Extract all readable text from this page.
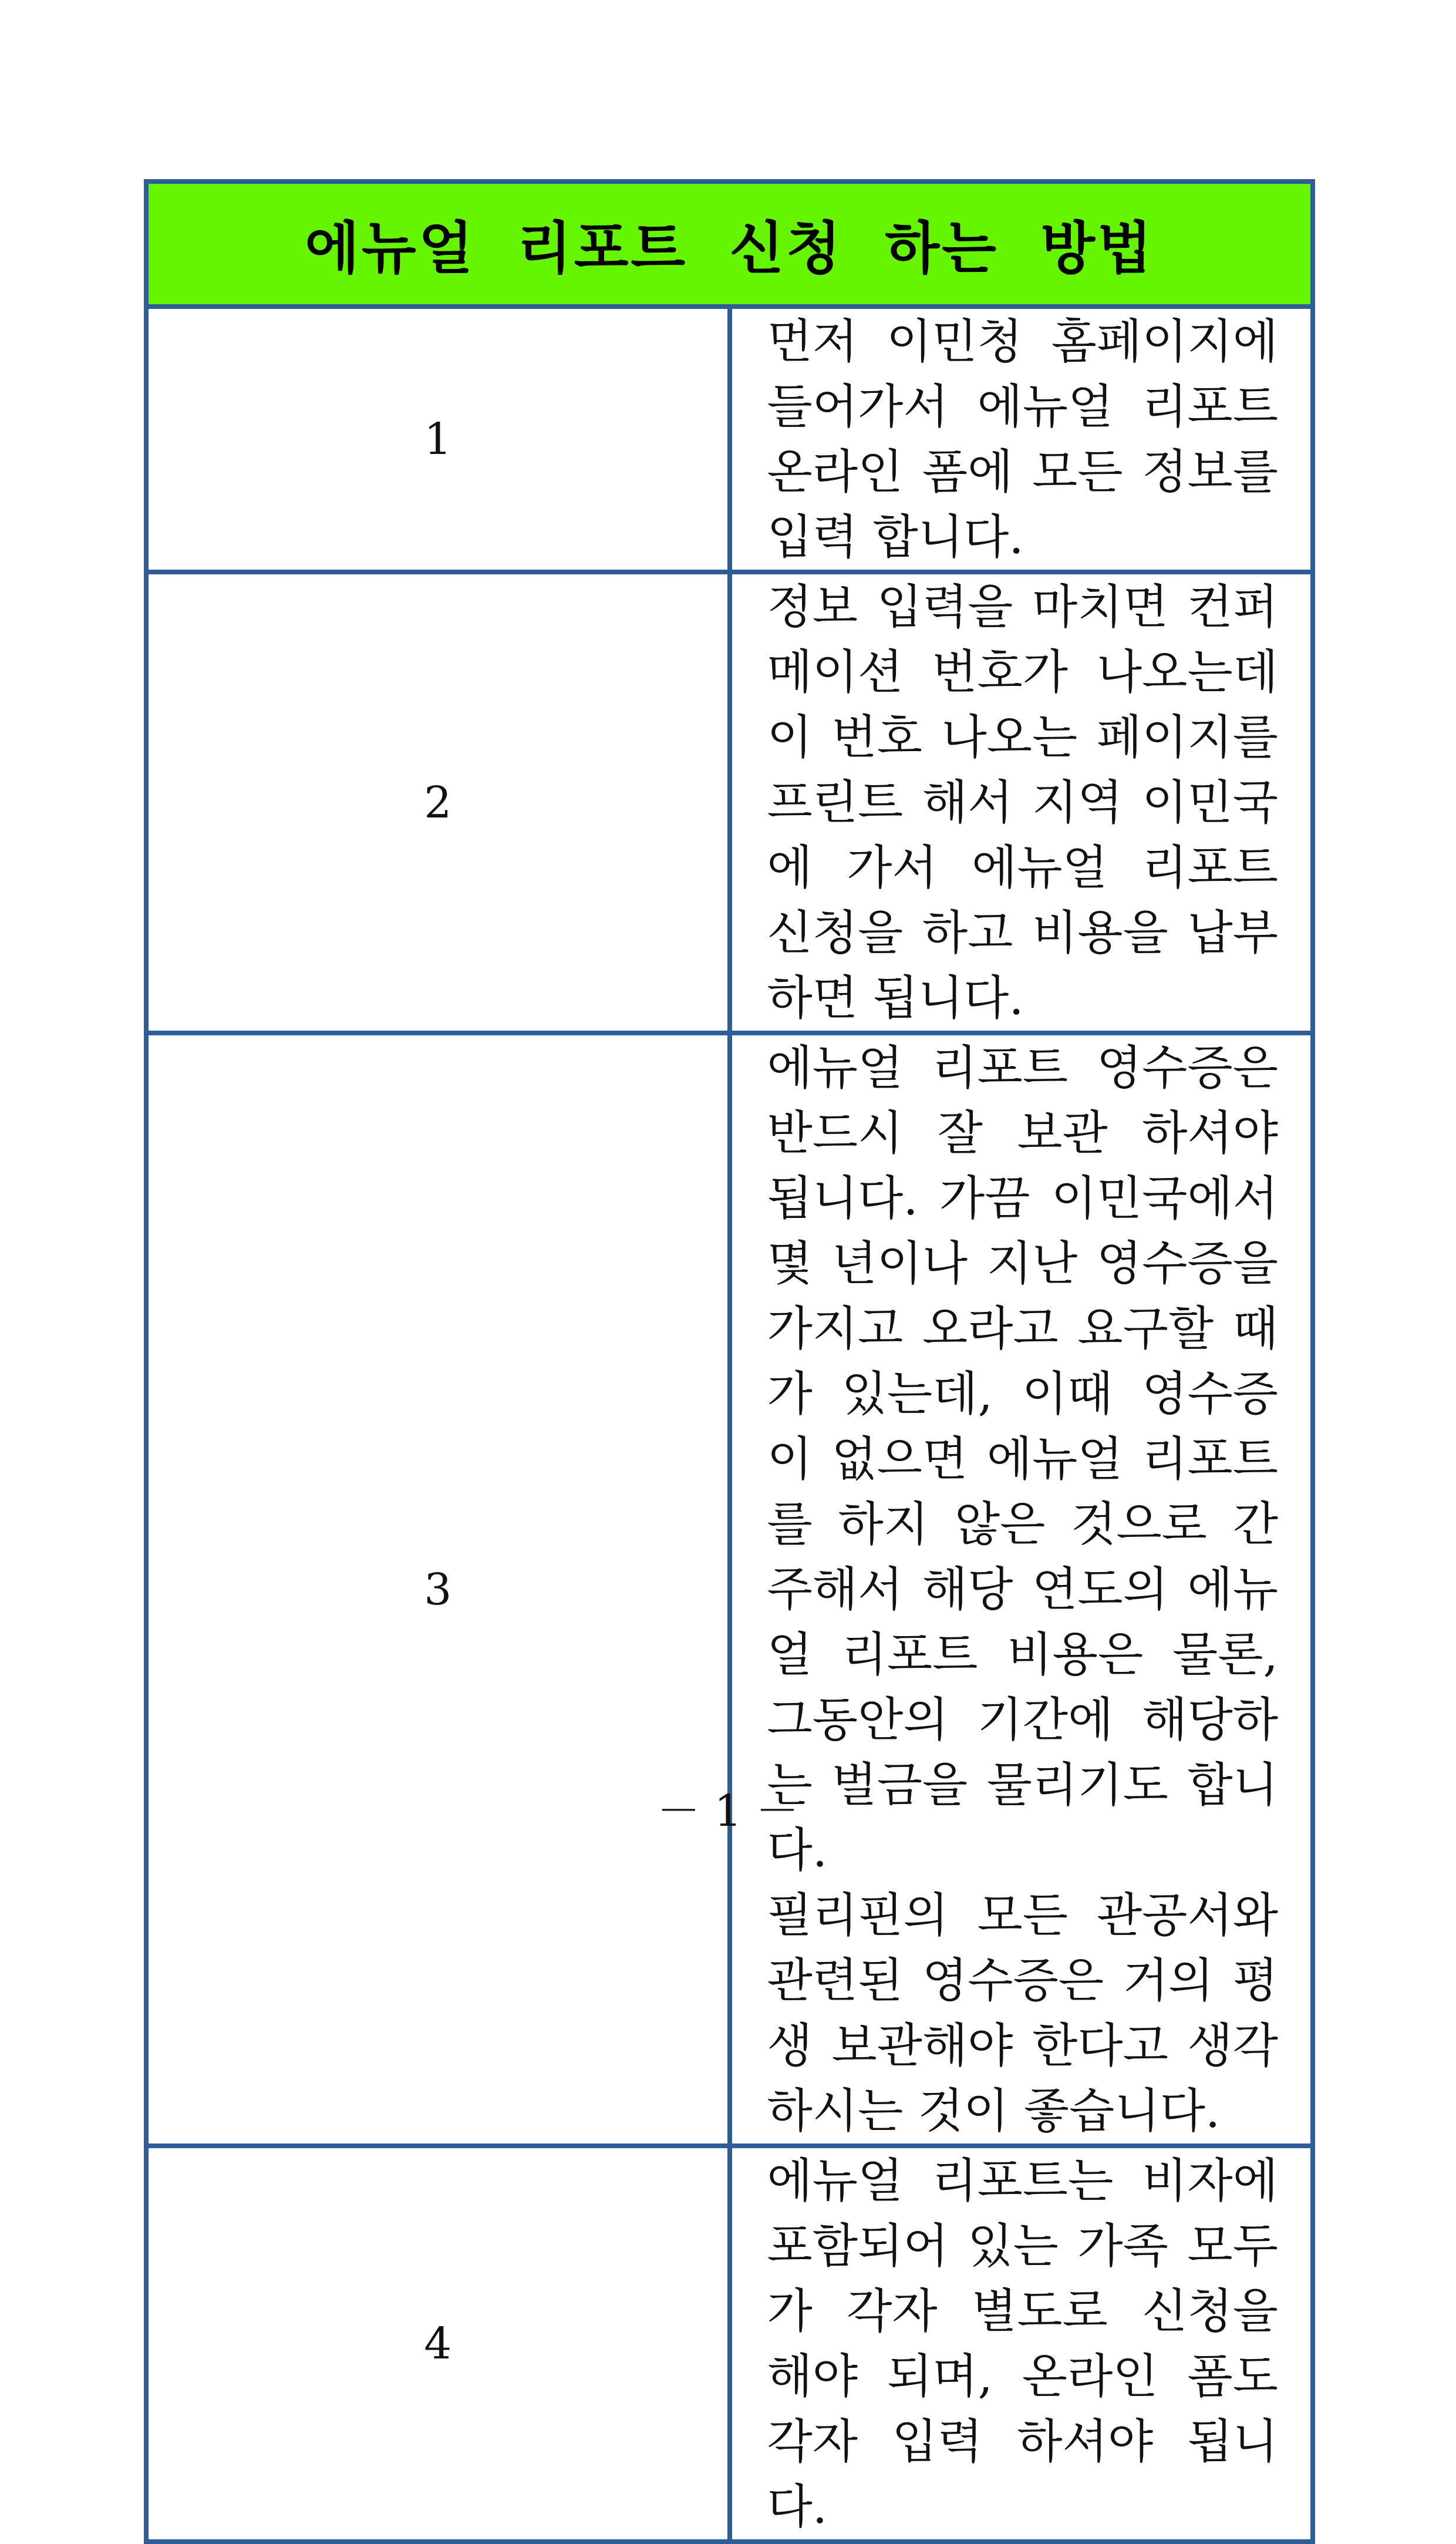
에뉴얼 리포트 신청 하는 방법	
1	먼저 이민청 홈페이지에 들어가서 에뉴얼 리포트 온라인 폼에 모든 정보를 입력 합니다.

2	정보 입력을 마치면 컨퍼메이션 번호가 나오는데 이 번호 나오는 페이지를 프린트 해서 지역 이민국에 가서 에뉴얼 리포트 신청을 하고 비용을 납부 하면 됩니다.

3	에뉴얼 리포트 영수증은 반드시 잘 보관 하셔야 됩니다. 가끔 이민국에서 몇 년이나 지난 영수증을 가지고 오라고 요구할 때가 있는데, 이때 영수증이 없으면 에뉴얼 리포트를 하지 않은 것으로 간주해서 해당 연도의 에뉴얼 리포트 비용은 물론, 그동안의 기간에 해당하는 벌금을 물리기도 합니다.

필리핀의 모든 관공서와 관련된 영수증은 거의 평생 보관해야 한다고 생각 하시는 것이 좋습니다.

4	에뉴얼 리포트는 비자에 포함되어 있는 가족 모두가 각자 별도로 신청을 해야 되며, 온라인 폼도 각자 입력 하셔야 됩니다.

－ 1 －
